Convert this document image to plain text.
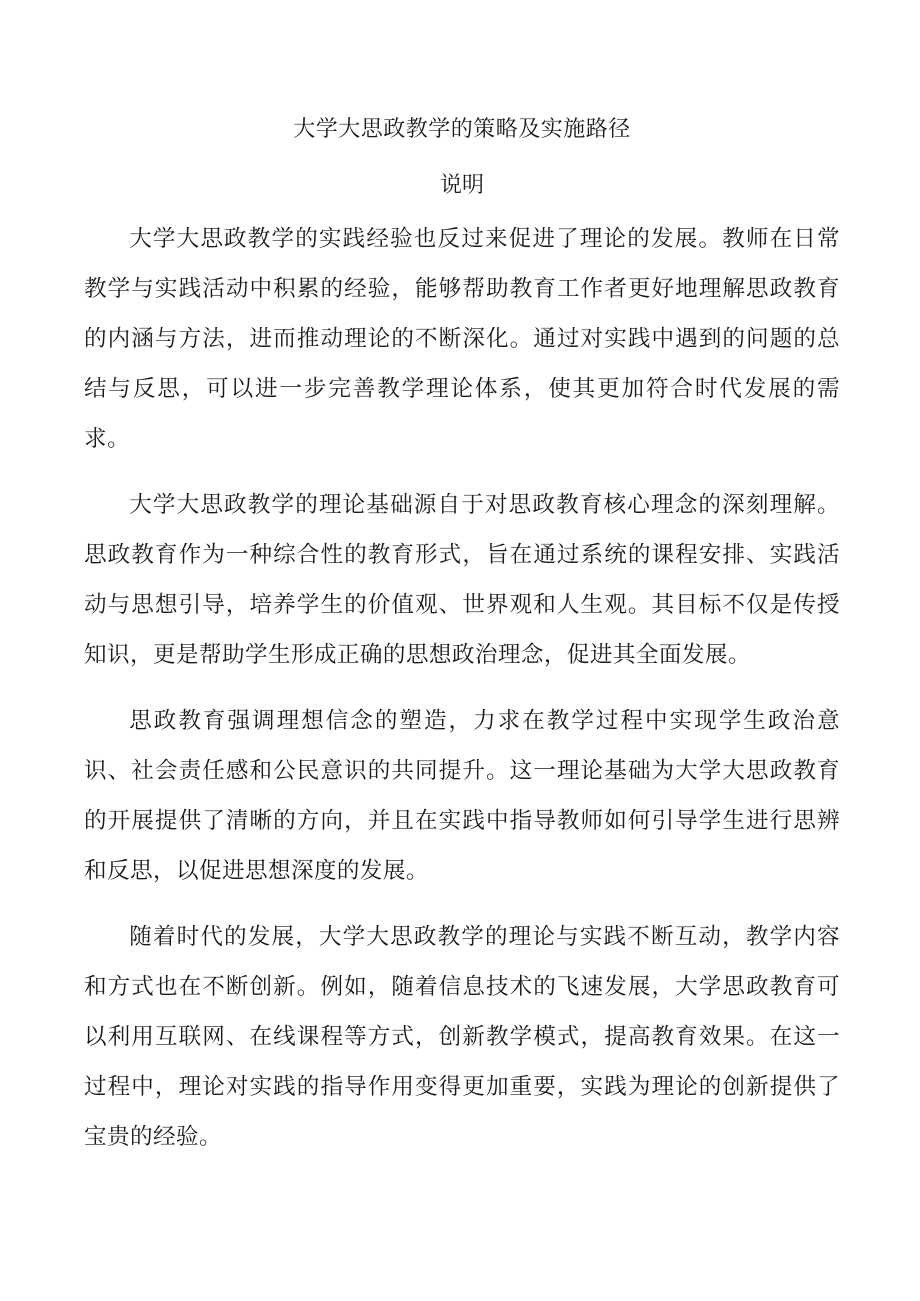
大学大思政教学的策略及实施路径
说明

大学大思政教学的实践经验也反过来促进了理论的发展。教师在日常教学与实践活动中积累的经验，能够帮助教育工作者更好地理解思政教育的内涵与方法，进而推动理论的不断深化。通过对实践中遇到的问题的总结与反思，可以进一步完善教学理论体系，使其更加符合时代发展的需求。

大学大思政教学的理论基础源自于对思政教育核心理念的深刻理解。思政教育作为一种综合性的教育形式，旨在通过系统的课程安排、实践活动与思想引导，培养学生的价值观、世界观和人生观。其目标不仅是传授知识，更是帮助学生形成正确的思想政治理念，促进其全面发展。

思政教育强调理想信念的塑造，力求在教学过程中实现学生政治意识、社会责任感和公民意识的共同提升。这一理论基础为大学大思政教育的开展提供了清晰的方向，并且在实践中指导教师如何引导学生进行思辨和反思，以促进思想深度的发展。

随着时代的发展，大学大思政教学的理论与实践不断互动，教学内容和方式也在不断创新。例如，随着信息技术的飞速发展，大学思政教育可以利用互联网、在线课程等方式，创新教学模式，提高教育效果。在这一过程中，理论对实践的指导作用变得更加重要，实践为理论的创新提供了宝贵的经验。
